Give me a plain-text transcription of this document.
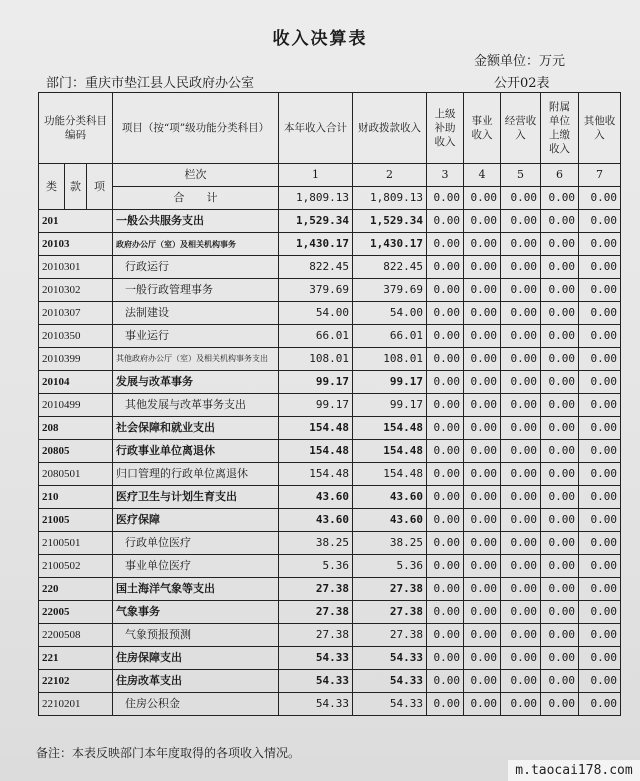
收入决算表
金额单位：万元
部门：重庆市垫江县人民政府办公室	公开02表
功能分类科目编码			项目（按“项”级功能分类科目）	本年收入合计	财政拨款收入	上级补助收入	事业收入	经营收入	附属单位上缴收入	其他收入
类	款	项	栏次	1	2	3	4	5	6	7
			合　　计	1,809.13	1,809.13	0.00	0.00	0.00	0.00	0.00
201			一般公共服务支出	1,529.34	1,529.34	0.00	0.00	0.00	0.00	0.00
20103			政府办公厅（室）及相关机构事务	1,430.17	1,430.17	0.00	0.00	0.00	0.00	0.00
2010301			行政运行	822.45	822.45	0.00	0.00	0.00	0.00	0.00
2010302			一般行政管理事务	379.69	379.69	0.00	0.00	0.00	0.00	0.00
2010307			法制建设	54.00	54.00	0.00	0.00	0.00	0.00	0.00
2010350			事业运行	66.01	66.01	0.00	0.00	0.00	0.00	0.00
2010399			其他政府办公厅（室）及相关机构事务支出	108.01	108.01	0.00	0.00	0.00	0.00	0.00
20104			发展与改革事务	99.17	99.17	0.00	0.00	0.00	0.00	0.00
2010499			其他发展与改革事务支出	99.17	99.17	0.00	0.00	0.00	0.00	0.00
208			社会保障和就业支出	154.48	154.48	0.00	0.00	0.00	0.00	0.00
20805			行政事业单位离退休	154.48	154.48	0.00	0.00	0.00	0.00	0.00
2080501			归口管理的行政单位离退休	154.48	154.48	0.00	0.00	0.00	0.00	0.00
210			医疗卫生与计划生育支出	43.60	43.60	0.00	0.00	0.00	0.00	0.00
21005			医疗保障	43.60	43.60	0.00	0.00	0.00	0.00	0.00
2100501			行政单位医疗	38.25	38.25	0.00	0.00	0.00	0.00	0.00
2100502			事业单位医疗	5.36	5.36	0.00	0.00	0.00	0.00	0.00
220			国土海洋气象等支出	27.38	27.38	0.00	0.00	0.00	0.00	0.00
22005			气象事务	27.38	27.38	0.00	0.00	0.00	0.00	0.00
2200508			气象预报预测	27.38	27.38	0.00	0.00	0.00	0.00	0.00
221			住房保障支出	54.33	54.33	0.00	0.00	0.00	0.00	0.00
22102			住房改革支出	54.33	54.33	0.00	0.00	0.00	0.00	0.00
2210201			住房公积金	54.33	54.33	0.00	0.00	0.00	0.00	0.00
备注：本表反映部门本年度取得的各项收入情况。
m.taocai178.com
